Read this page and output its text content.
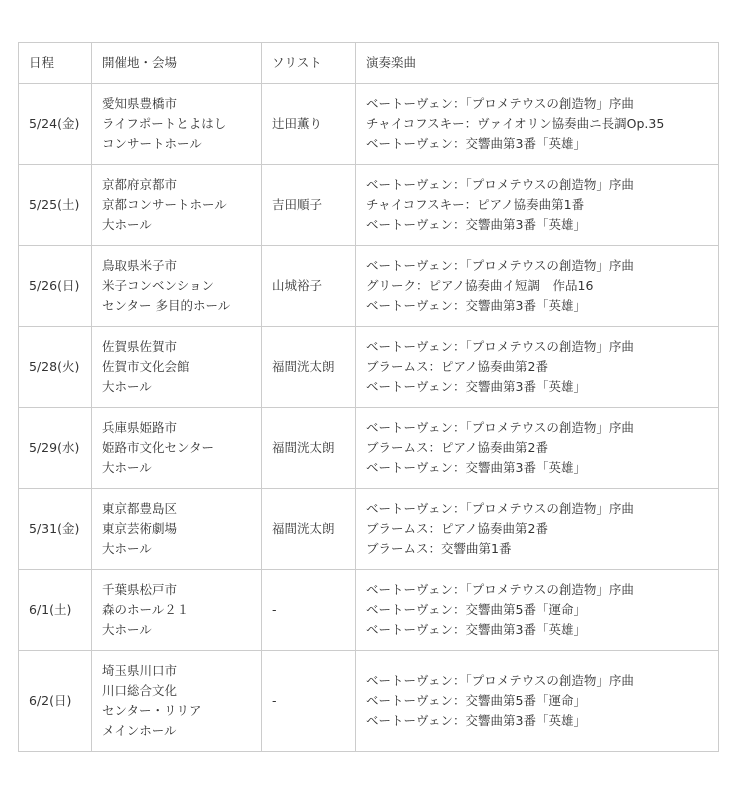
日程	開催地・会場	ソリスト	演奏楽曲
5/24(金)	愛知県豊橋市
ライフポートとよはし
コンサートホール	辻田薫り	ベートーヴェン：「プロメテウスの創造物」序曲
チャイコフスキー：ヴァイオリン協奏曲ニ長調Op.35
ベートーヴェン：交響曲第3番「英雄」

5/25(土)	京都府京都市
京都コンサートホール
大ホール	吉田順子	ベートーヴェン：「プロメテウスの創造物」序曲
チャイコフスキー：ピアノ協奏曲第1番
ベートーヴェン：交響曲第3番「英雄」

5/26(日)	鳥取県米子市
米子コンベンション
センター 多目的ホール	山城裕子	ベートーヴェン：「プロメテウスの創造物」序曲
グリーク：ピアノ協奏曲イ短調　作品16
ベートーヴェン：交響曲第3番「英雄」

5/28(火)	佐賀県佐賀市
佐賀市文化会館
大ホール	福間洸太朗	ベートーヴェン：「プロメテウスの創造物」序曲
ブラームス：ピアノ協奏曲第2番
ベートーヴェン：交響曲第3番「英雄」

5/29(水)	兵庫県姫路市
姫路市文化センター
大ホール	福間洸太朗	ベートーヴェン：「プロメテウスの創造物」序曲
ブラームス：ピアノ協奏曲第2番
ベートーヴェン：交響曲第3番「英雄」

5/31(金)	東京都豊島区
東京芸術劇場
大ホール	福間洸太朗	ベートーヴェン：「プロメテウスの創造物」序曲
ブラームス：ピアノ協奏曲第2番
ブラームス：交響曲第1番

6/1(土)	千葉県松戸市
森のホール２１
大ホール	-	ベートーヴェン：「プロメテウスの創造物」序曲
ベートーヴェン：交響曲第5番「運命」
ベートーヴェン：交響曲第3番「英雄」

6/2(日)	埼玉県川口市
川口総合文化
センター・リリア
メインホール	-	ベートーヴェン：「プロメテウスの創造物」序曲
ベートーヴェン：交響曲第5番「運命」
ベートーヴェン：交響曲第3番「英雄」
